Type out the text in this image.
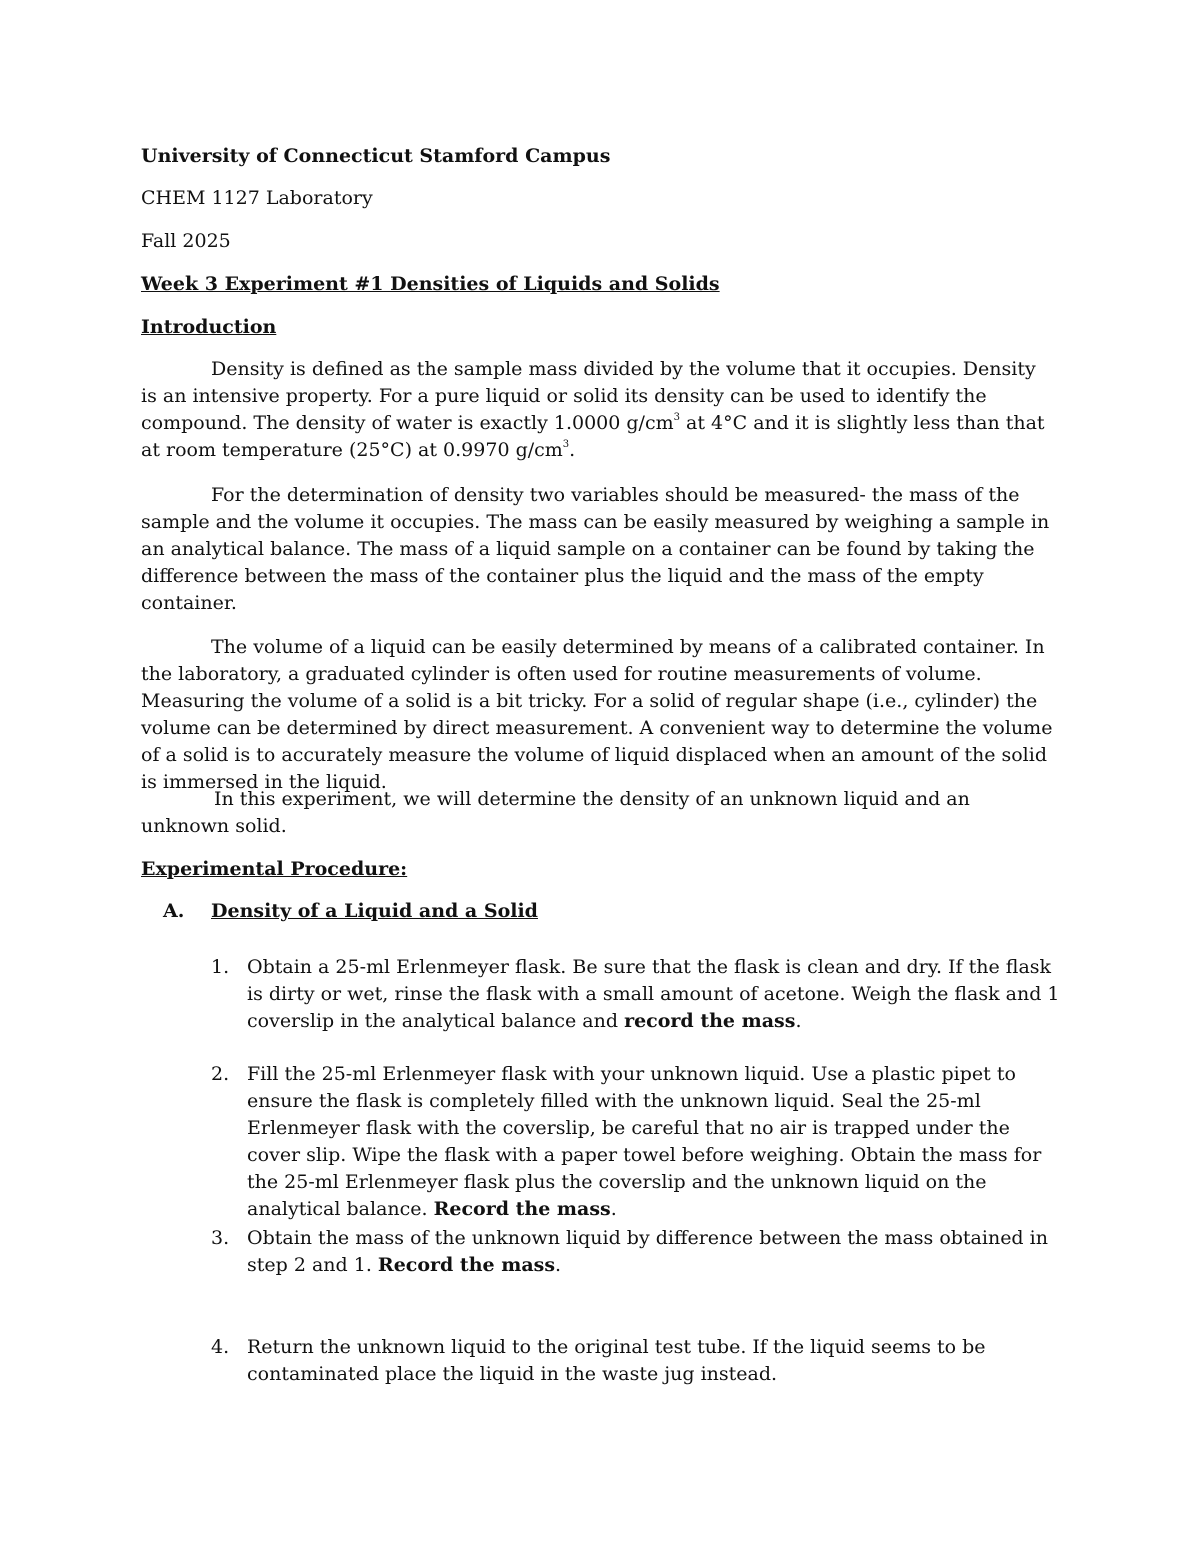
University of Connecticut Stamford Campus
CHEM 1127 Laboratory
Fall 2025
Week 3 Experiment #1 Densities of Liquids and Solids
Introduction

Density is defined as the sample mass divided by the volume that it occupies. Density is an intensive property. For a pure liquid or solid its density can be used to identify the compound. The density of water is exactly 1.0000 $g/cm^3$ at 4°C and it is slightly less than that at room temperature (25°C) at 0.9970 $g/cm^3$.

For the determination of density two variables should be measured- the mass of the sample and the volume it occupies. The mass can be easily measured by weighing a sample in an analytical balance. The mass of a liquid sample on a container can be found by taking the difference between the mass of the container plus the liquid and the mass of the empty container.

The volume of a liquid can be easily determined by means of a calibrated container. In the laboratory, a graduated cylinder is often used for routine measurements of volume. Measuring the volume of a solid is a bit tricky. For a solid of regular shape (i.e., cylinder) the volume can be determined by direct measurement. A convenient way to determine the volume of a solid is to accurately measure the volume of liquid displaced when an amount of the solid is immersed in the liquid.

In this experiment, we will determine the density of an unknown liquid and an unknown solid.

Experimental Procedure:
A. Density of a Liquid and a Solid
1. Obtain a 25-ml Erlenmeyer flask. Be sure that the flask is clean and dry. If the flask is dirty or wet, rinse the flask with a small amount of acetone. Weigh the flask and 1 coverslip in the analytical balance and record the mass.
2. Fill the 25-ml Erlenmeyer flask with your unknown liquid. Use a plastic pipet to ensure the flask is completely filled with the unknown liquid. Seal the 25-ml Erlenmeyer flask with the coverslip, be careful that no air is trapped under the cover slip. Wipe the flask with a paper towel before weighing. Obtain the mass for the 25-ml Erlenmeyer flask plus the coverslip and the unknown liquid on the analytical balance. Record the mass.
3. Obtain the mass of the unknown liquid by difference between the mass obtained in step 2 and 1. Record the mass.
4. Return the unknown liquid to the original test tube. If the liquid seems to be contaminated place the liquid in the waste jug instead.
